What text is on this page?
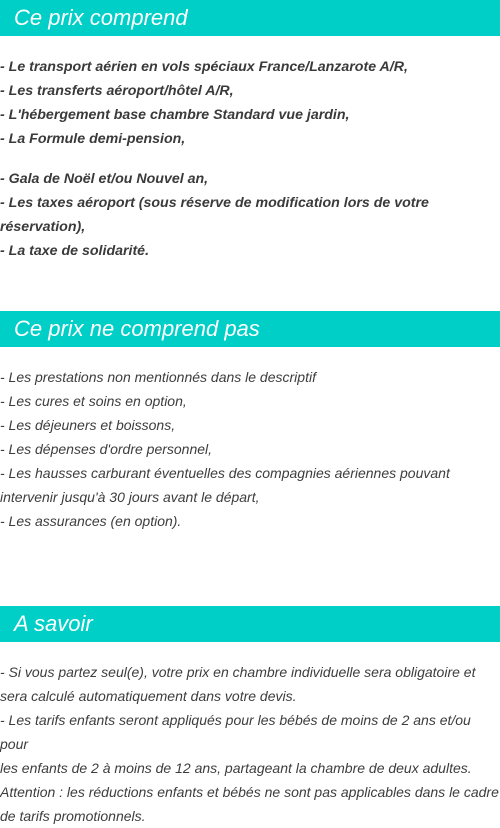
Ce prix comprend

- Le transport aérien en vols spéciaux France/Lanzarote A/R,

- Les transferts aéroport/hôtel A/R,

- L'hébergement base chambre Standard vue jardin,

- La Formule demi-pension,

- Gala de Noël et/ou Nouvel an,

- Les taxes aéroport (sous réserve de modification lors de votre

réservation),

- La taxe de solidarité.

Ce prix ne comprend pas

- Les prestations non mentionnés dans le descriptif

- Les cures et soins en option,

- Les déjeuners et boissons,

- Les dépenses d'ordre personnel,

- Les hausses carburant éventuelles des compagnies aériennes pouvant

intervenir jusqu'à 30 jours avant le départ,

- Les assurances (en option).

A savoir

- Si vous partez seul(e), votre prix en chambre individuelle sera obligatoire et

sera calculé automatiquement dans votre devis.

- Les tarifs enfants seront appliqués pour les bébés de moins de 2 ans et/ou pour

les enfants de 2 à moins de 12 ans, partageant la chambre de deux adultes.

Attention : les réductions enfants et bébés ne sont pas applicables dans le cadre

de tarifs promotionnels.
